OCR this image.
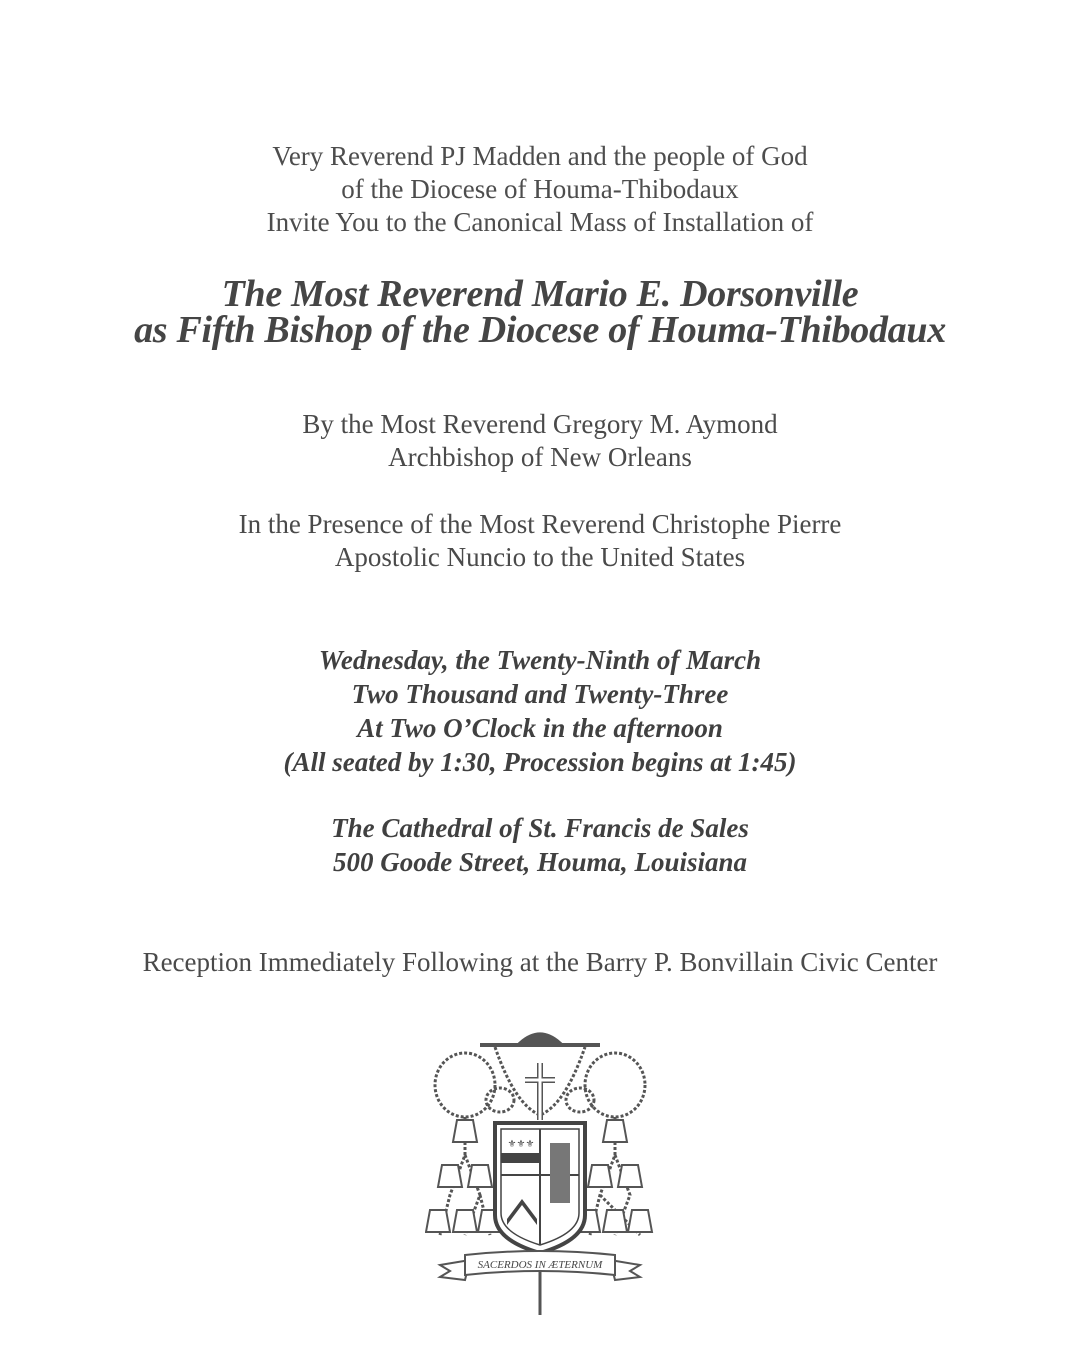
Very Reverend PJ Madden and the people of God
of the Diocese of Houma-Thibodaux
Invite You to the Canonical Mass of Installation of
The Most Reverend Mario E. Dorsonville
as Fifth Bishop of the Diocese of Houma-Thibodaux
By the Most Reverend Gregory M. Aymond
Archbishop of New Orleans
In the Presence of the Most Reverend Christophe Pierre
Apostolic Nuncio to the United States
Wednesday, the Twenty-Ninth of March
Two Thousand and Twenty-Three
At Two O’Clock in the afternoon
(All seated by 1:30, Procession begins at 1:45)
The Cathedral of St. Francis de Sales
500 Goode Street, Houma, Louisiana
Reception Immediately Following at the Barry P. Bonvillain Civic Center
⚜⚜⚜
SACERDOS IN ÆTERNUM
